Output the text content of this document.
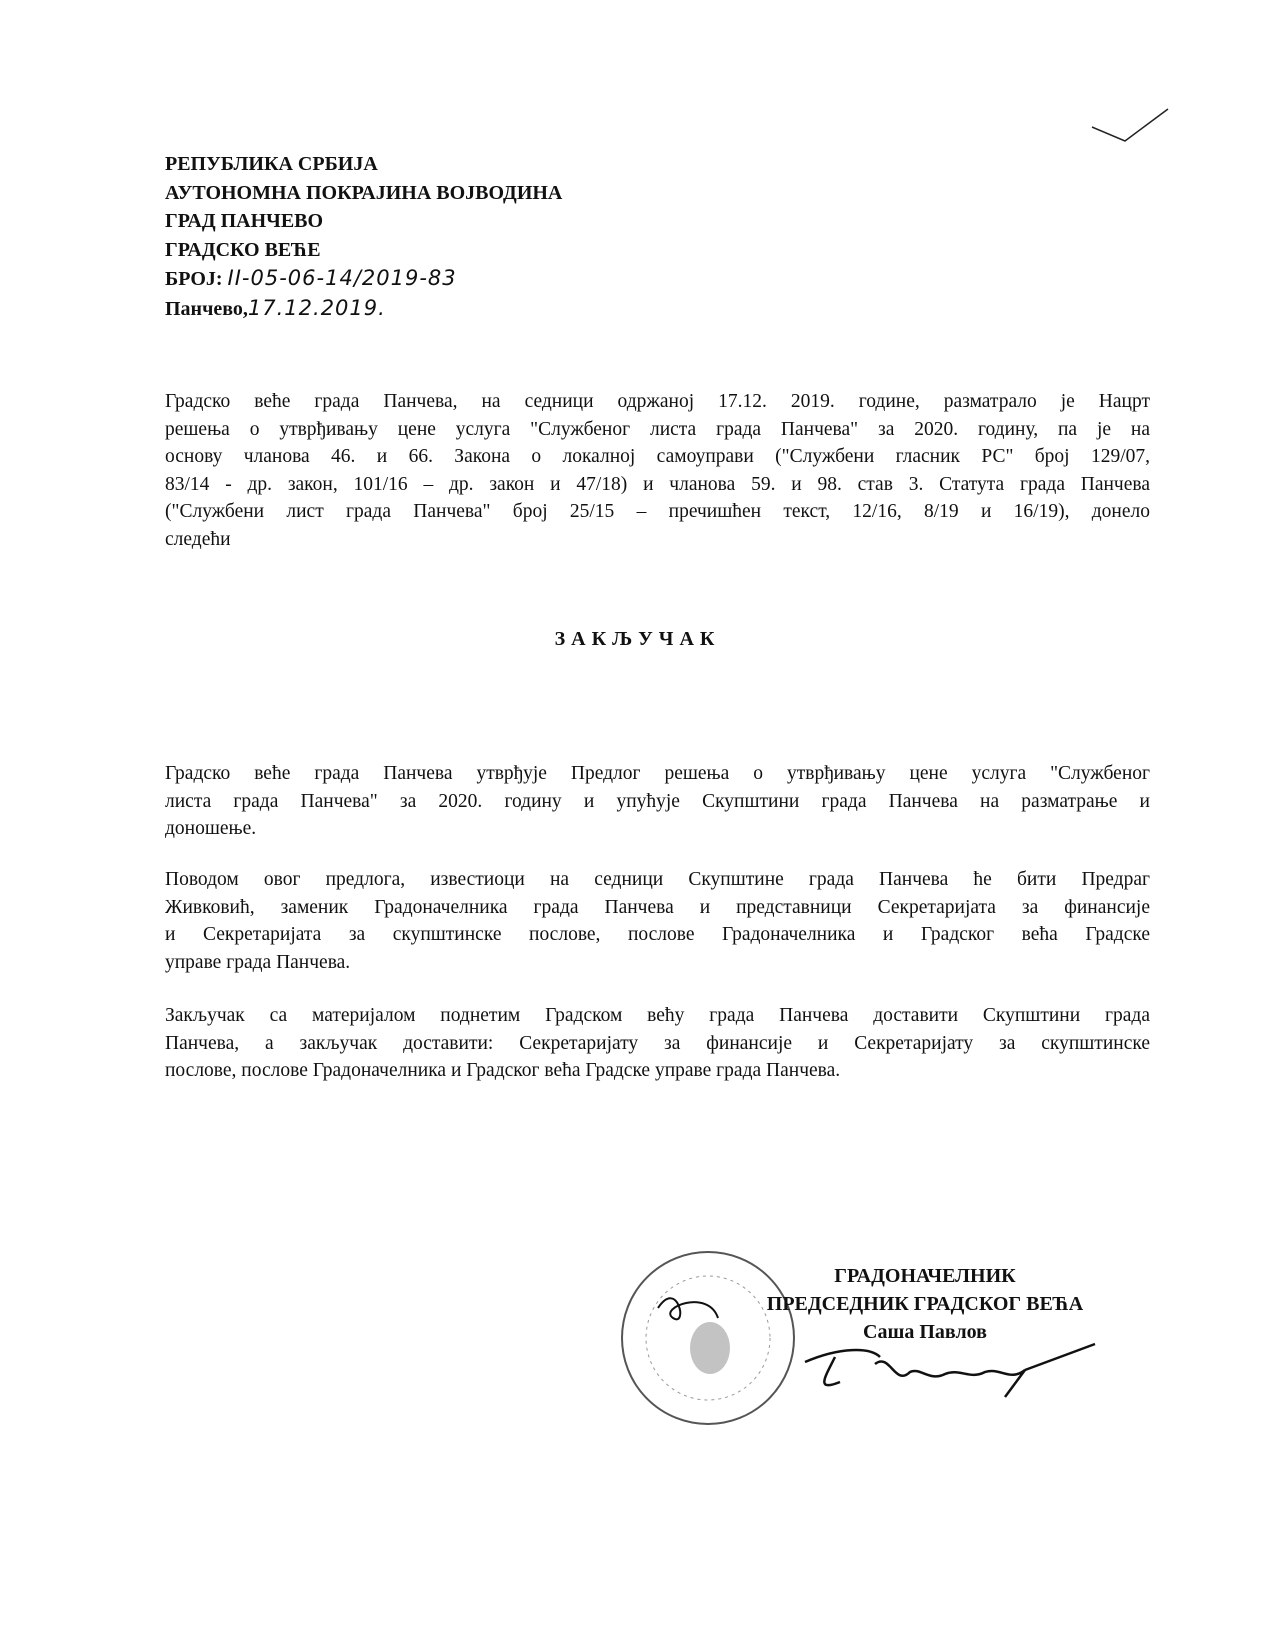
РЕПУБЛИКА СРБИЈА
АУТОНОМНА ПОКРАЈИНА ВОЈВОДИНА
ГРАД ПАНЧЕВО
ГРАДСКО ВЕЋЕ
БРОЈ: II-05-06-14/2019-83
Панчево,17.12.2019.
Градско веће града Панчева, на седници одржаној 17.12. 2019. године, разматрало је Нацрт
решења о утврђивању цене услуга "Службеног листа града Панчева" за 2020. годину, па је на
основу чланова 46. и 66. Закона о локалној самоуправи ("Службени гласник РС" број 129/07,
83/14 - др. закон, 101/16 – др. закон и 47/18) и чланова 59. и 98. став 3. Статута града Панчева
("Службени лист града Панчева" број 25/15 – пречишћен текст, 12/16, 8/19 и 16/19), донело
следећи
ЗАКЉУЧАК
Градско веће града Панчева утврђује Предлог решења о утврђивању цене услуга "Службеног
листа града Панчева" за 2020. годину и упућује Скупштини града Панчева на разматрање и
доношење.
Поводом овог предлога, известиоци на седници Скупштине града Панчева ће бити Предраг
Живковић, заменик Градоначелника града Панчева и представници Секретаријата за финансије
и Секретаријата за скупштинске послове, послове Градоначелника и Градског већа Градске
управе града Панчева.
Закључак са материјалом поднетим Градском већу града Панчева доставити Скупштини града
Панчева, а закључак доставити: Секретаријату за финансије и Секретаријату за скупштинске
послове, послове Градоначелника и Градског већа Градске управе града Панчева.
ГРАДОНАЧЕЛНИК
ПРЕДСЕДНИК ГРАДСКОГ ВЕЋА
Саша Павлов
